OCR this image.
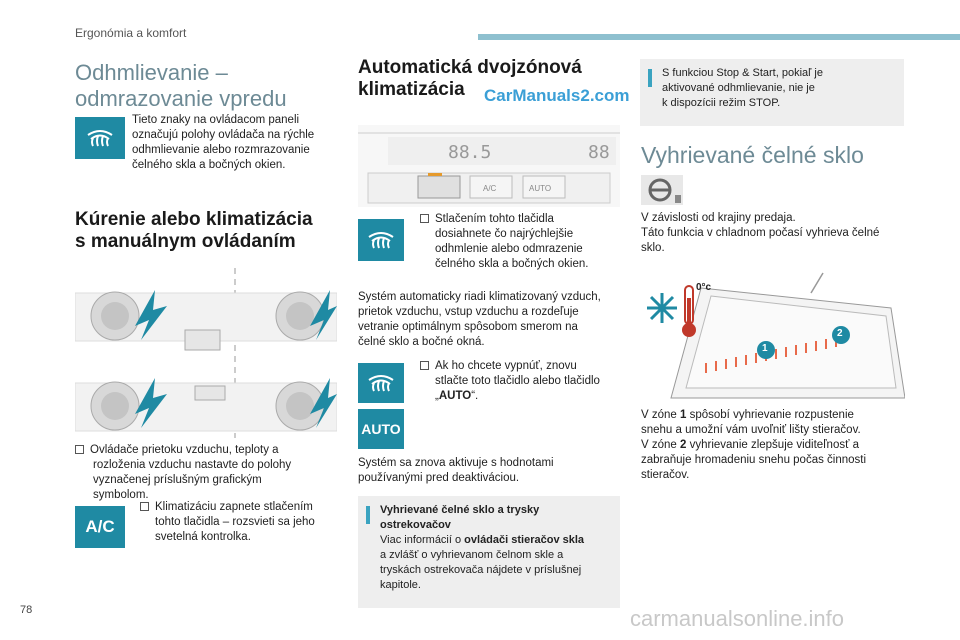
Ergonómia a komfort
Odhmlievanie –
odmrazovanie vpredu
Tieto znaky na ovládacom paneli
označujú polohy ovládača na rýchle
odhmlievanie alebo rozmrazovanie
čelného skla a bočných okien.
Kúrenie alebo klimatizácia
s manuálnym ovládaním
Ovládače prietoku vzduchu, teploty a
rozloženia vzduchu nastavte do polohy
vyznačenej príslušným grafickým
symbolom.
A/C
Klimatizáciu zapnete stlačením
tohto tlačidla – rozsvieti sa jeho
svetelná kontrolka.
Automatická dvojzónová
klimatizácia	CarManuals2.com
88.5	88
A/C	AUTO
Stlačením tohto tlačidla
dosiahnete čo najrýchlejšie
odhmlenie alebo odmrazenie
čelného skla a bočných okien.
Systém automaticky riadi klimatizovaný vzduch,
prietok vzduchu, vstup vzduchu a rozdeľuje
vetranie optimálnym spôsobom smerom na
čelné sklo a bočné okná.
AUTO
Ak ho chcete vypnúť, znovu
stlačte toto tlačidlo alebo tlačidlo
„AUTO“.
Systém sa znova aktivuje s hodnotami
používanými pred deaktiváciou.
Vyhrievané čelné sklo a trysky
ostrekovačov
Viac informácií o ovládači stieračov skla
a zvlášť o vyhrievanom čelnom skle a
tryskách ostrekovača nájdete v príslušnej
kapitole.
S funkciou Stop & Start, pokiaľ je
aktivované odhmlievanie, nie je
k dispozícii režim STOP.
Vyhrievané čelné sklo
V závislosti od krajiny predaja.
Táto funkcia v chladnom počasí vyhrieva čelné
sklo.
0°c
1
2
V zóne 1 spôsobí vyhrievanie rozpustenie
snehu a umožní vám uvoľniť lišty stieračov.
V zóne 2 vyhrievanie zlepšuje viditeľnosť a
zabraňuje hromadeniu snehu počas činnosti
stieračov.
78	carmanualsonline.info
